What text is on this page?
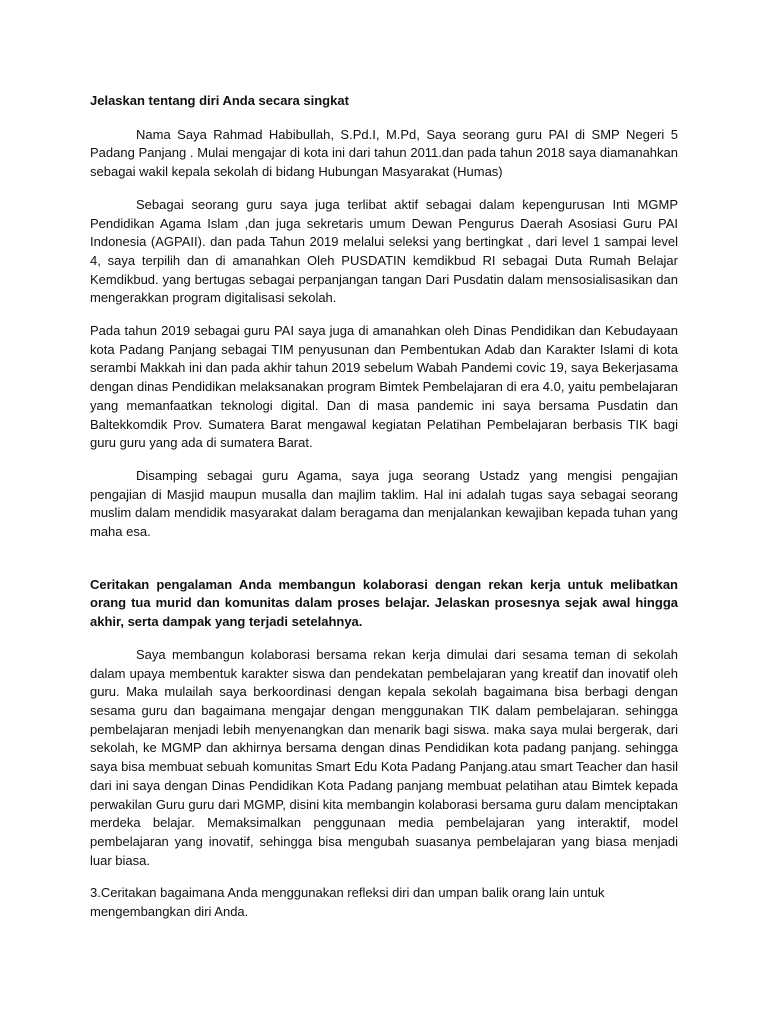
Jelaskan tentang diri Anda secara singkat

Nama Saya Rahmad Habibullah, S.Pd.I, M.Pd, Saya seorang guru PAI di SMP Negeri 5 Padang Panjang . Mulai mengajar di kota ini dari tahun 2011.dan pada tahun 2018 saya diamanahkan sebagai wakil kepala sekolah di bidang Hubungan Masyarakat (Humas)

Sebagai seorang guru saya juga terlibat aktif sebagai dalam kepengurusan Inti MGMP Pendidikan Agama Islam ,dan juga sekretaris umum Dewan Pengurus Daerah Asosiasi Guru PAI Indonesia (AGPAII). dan pada Tahun 2019 melalui seleksi yang bertingkat , dari level 1 sampai level 4, saya terpilih dan di amanahkan Oleh PUSDATIN kemdikbud RI sebagai Duta Rumah Belajar Kemdikbud. yang bertugas sebagai perpanjangan tangan Dari Pusdatin dalam mensosialisasikan dan mengerakkan program digitalisasi sekolah.

Pada tahun 2019 sebagai guru PAI saya juga di amanahkan oleh Dinas Pendidikan dan Kebudayaan kota Padang Panjang sebagai TIM penyusunan dan Pembentukan Adab dan Karakter Islami di kota serambi Makkah ini dan pada akhir tahun 2019 sebelum Wabah Pandemi covic 19, saya Bekerjasama dengan dinas Pendidikan melaksanakan program Bimtek Pembelajaran di era 4.0, yaitu pembelajaran yang memanfaatkan teknologi digital. Dan di masa pandemic ini saya bersama Pusdatin dan Baltekkomdik Prov. Sumatera Barat mengawal kegiatan Pelatihan Pembelajaran berbasis TIK bagi guru guru yang ada di sumatera Barat.

Disamping sebagai guru Agama, saya juga seorang Ustadz yang mengisi pengajian pengajian di Masjid maupun musalla dan majlim taklim. Hal ini adalah tugas saya sebagai seorang muslim dalam mendidik masyarakat dalam beragama dan menjalankan kewajiban kepada tuhan yang maha esa.

Ceritakan pengalaman Anda membangun kolaborasi dengan rekan kerja untuk melibatkan orang tua murid dan komunitas dalam proses belajar. Jelaskan prosesnya sejak awal hingga akhir, serta dampak yang terjadi setelahnya.

Saya membangun kolaborasi bersama rekan kerja dimulai dari sesama teman di sekolah dalam upaya membentuk karakter siswa dan pendekatan pembelajaran yang kreatif dan inovatif oleh guru. Maka mulailah saya berkoordinasi dengan kepala sekolah bagaimana bisa berbagi dengan sesama guru dan bagaimana mengajar dengan menggunakan TIK dalam pembelajaran. sehingga pembelajaran menjadi lebih menyenangkan dan menarik bagi siswa. maka saya mulai bergerak, dari sekolah, ke MGMP dan akhirnya bersama dengan dinas Pendidikan kota padang panjang. sehingga saya bisa membuat sebuah komunitas Smart Edu Kota Padang Panjang.atau smart Teacher dan hasil dari ini saya dengan Dinas Pendidikan Kota Padang panjang membuat pelatihan atau Bimtek kepada perwakilan Guru guru dari MGMP, disini kita membangin kolaborasi bersama guru dalam menciptakan merdeka belajar. Memaksimalkan penggunaan media pembelajaran yang interaktif, model pembelajaran yang inovatif, sehingga bisa mengubah suasanya pembelajaran yang biasa menjadi luar biasa.

3.Ceritakan bagaimana Anda menggunakan refleksi diri dan umpan balik orang lain untuk mengembangkan diri Anda.
